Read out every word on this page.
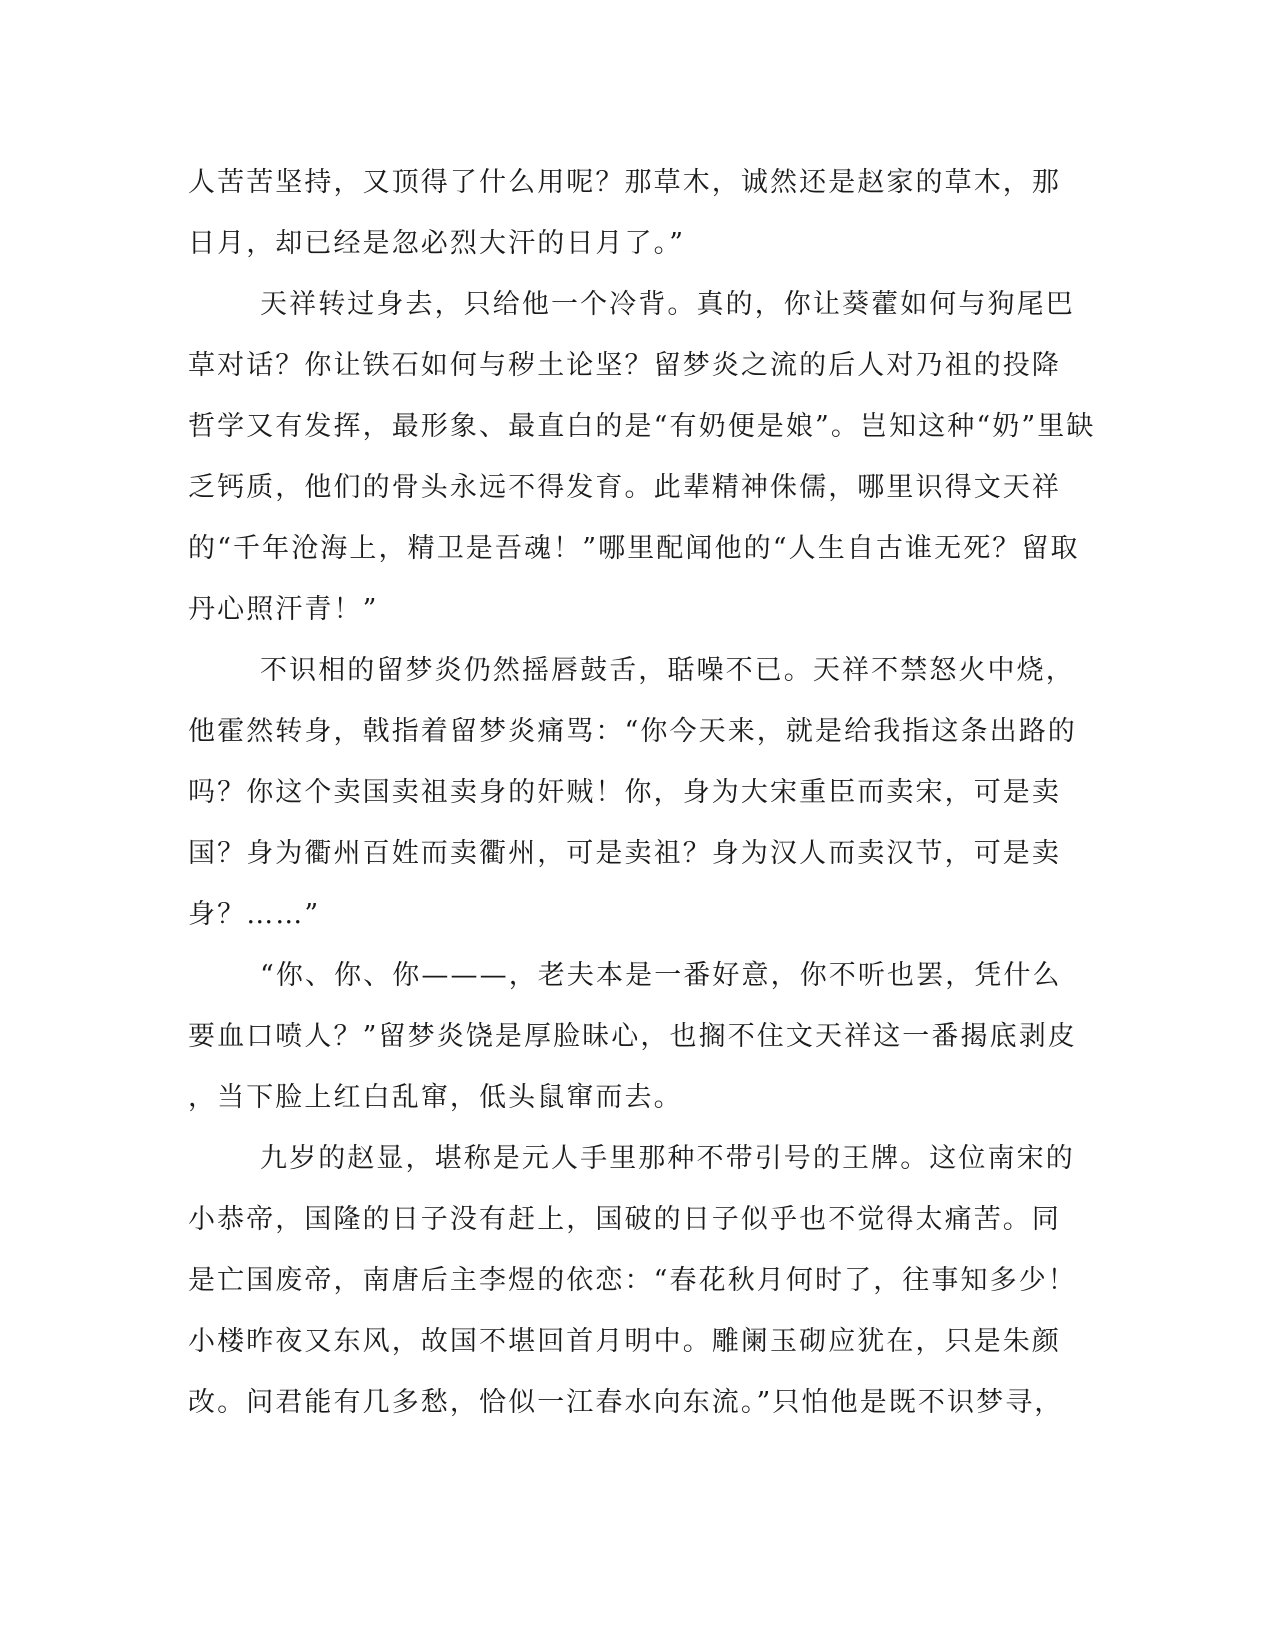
人苦苦坚持，又顶得了什么用呢？那草木，诚然还是赵家的草木，那
日月，却已经是忽必烈大汗的日月了。”
天祥转过身去，只给他一个冷背。真的，你让葵藿如何与狗尾巴
草对话？你让铁石如何与秽土论坚？留梦炎之流的后人对乃祖的投降
哲学又有发挥，最形象、最直白的是“有奶便是娘”。岂知这种“奶”里缺
乏钙质，他们的骨头永远不得发育。此辈精神侏儒，哪里识得文天祥
的“千年沧海上，精卫是吾魂！”哪里配闻他的“人生自古谁无死？留取
丹心照汗青！”
不识相的留梦炎仍然摇唇鼓舌，聒噪不已。天祥不禁怒火中烧，
他霍然转身，戟指着留梦炎痛骂：“你今天来，就是给我指这条出路的
吗？你这个卖国卖祖卖身的奸贼！你，身为大宋重臣而卖宋，可是卖
国？身为衢州百姓而卖衢州，可是卖祖？身为汉人而卖汉节，可是卖
身？……”
“你、你、你———，老夫本是一番好意，你不听也罢，凭什么
要血口喷人？”留梦炎饶是厚脸昧心，也搁不住文天祥这一番揭底剥皮
，当下脸上红白乱窜，低头鼠窜而去。
九岁的赵显，堪称是元人手里那种不带引号的王牌。这位南宋的
小恭帝，国隆的日子没有赶上，国破的日子似乎也不觉得太痛苦。同
是亡国废帝，南唐后主李煜的依恋：“春花秋月何时了，往事知多少！
小楼昨夜又东风，故国不堪回首月明中。雕阑玉砌应犹在，只是朱颜
改。问君能有几多愁，恰似一江春水向东流。”只怕他是既不识梦寻，
